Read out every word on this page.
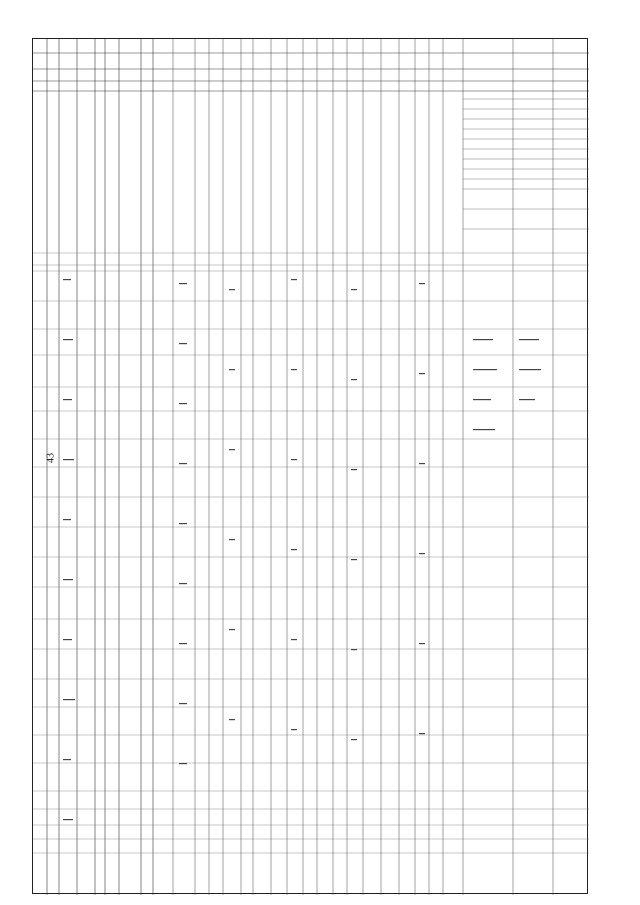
43
